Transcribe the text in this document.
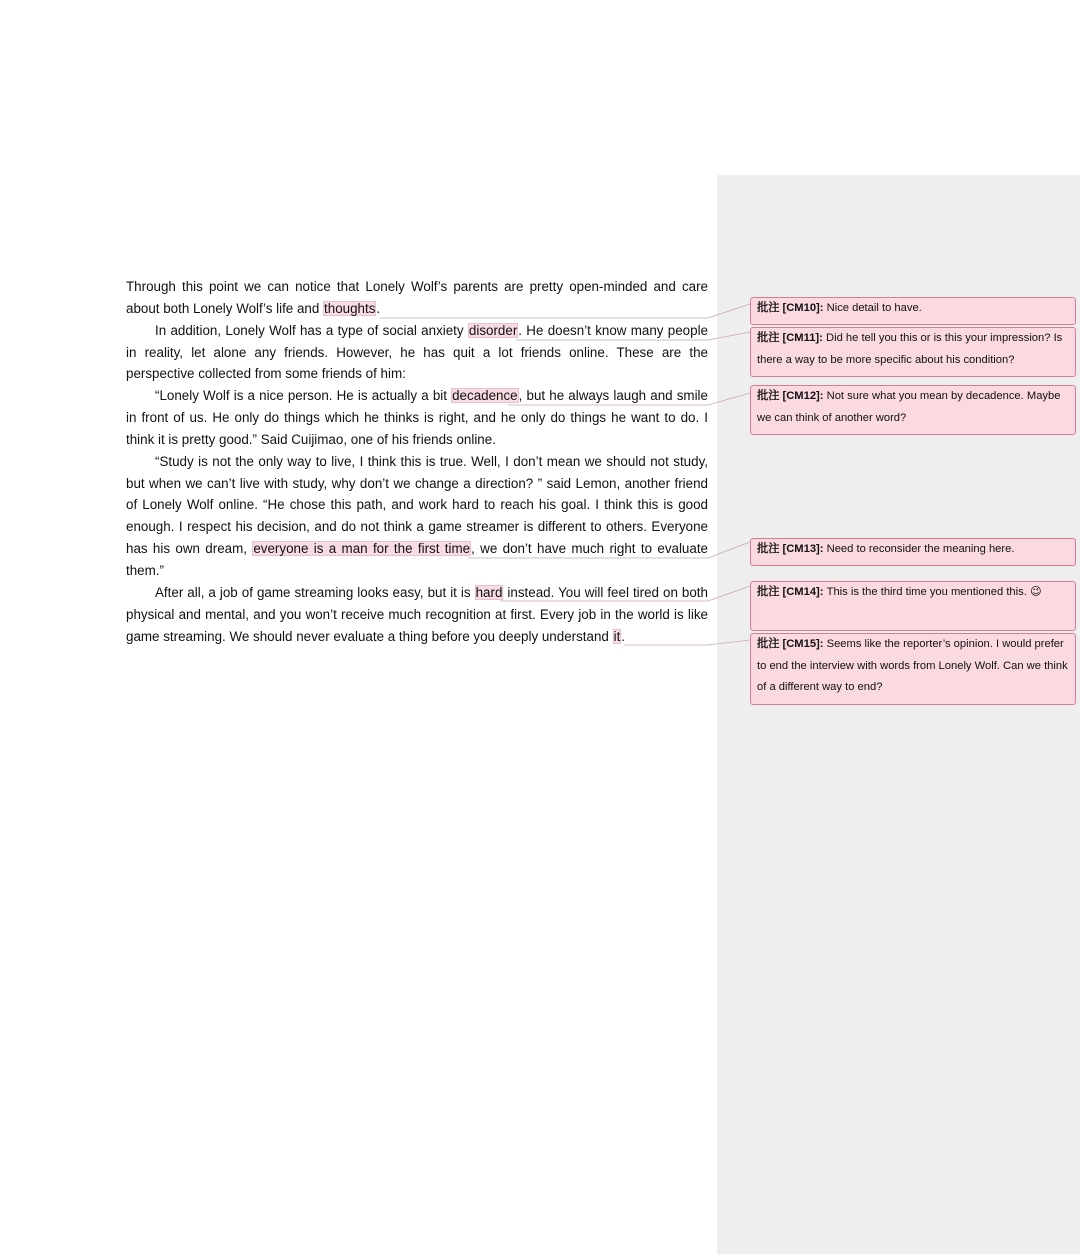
Through this point we can notice that Lonely Wolf’s parents are pretty open-minded and care about both Lonely Wolf’s life and thoughts.

In addition, Lonely Wolf has a type of social anxiety disorder. He doesn’t know many people in reality, let alone any friends. However, he has quit a lot friends online. These are the perspective collected from some friends of him:

“Lonely Wolf is a nice person. He is actually a bit decadence, but he always laugh and smile in front of us. He only do things which he thinks is right, and he only do things he want to do. I think it is pretty good.” Said Cuijimao, one of his friends online.

“Study is not the only way to live, I think this is true. Well, I don’t mean we should not study, but when we can’t live with study, why don’t we change a direction? ” said Lemon, another friend of Lonely Wolf online. “He chose this path, and work hard to reach his goal. I think this is good enough. I respect his decision, and do not think a game streamer is different to others. Everyone has his own dream, everyone is a man for the first time, we don’t have much right to evaluate them.”

After all, a job of game streaming looks easy, but it is hard instead. You will feel tired on both physical and mental, and you won’t receive much recognition at first. Every job in the world is like game streaming. We should never evaluate a thing before you deeply understand it.

批注 [CM10]: Nice detail to have.
批注 [CM11]: Did he tell you this or is this your impression? Is there a way to be more specific about his condition?
批注 [CM12]: Not sure what you mean by decadence. Maybe we can think of another word?
批注 [CM13]: Need to reconsider the meaning here.
批注 [CM14]: This is the third time you mentioned this. 😉
批注 [CM15]: Seems like the reporter’s opinion. I would prefer to end the interview with words from Lonely Wolf. Can we think of a different way to end?
